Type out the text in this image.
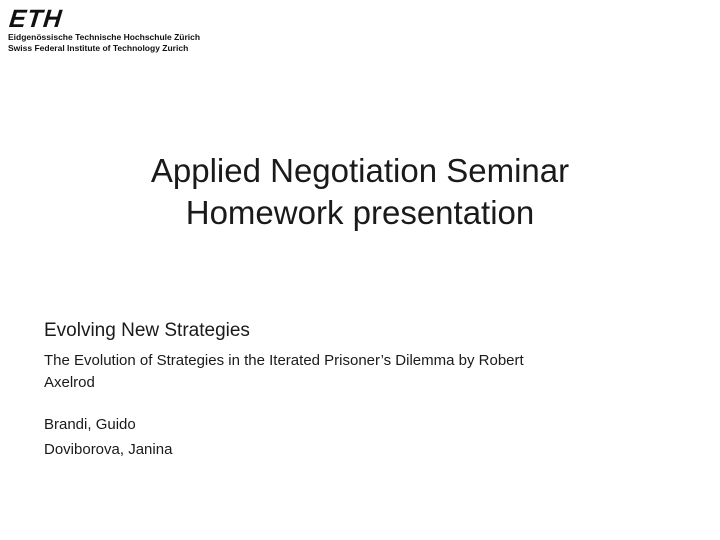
ETH
Eidgenössische Technische Hochschule Zürich
Swiss Federal Institute of Technology Zurich
Applied Negotiation Seminar
Homework presentation
Evolving New Strategies
The Evolution of Strategies in the Iterated Prisoner’s Dilemma by Robert
Axelrod
Brandi, Guido
Doviborova, Janina
